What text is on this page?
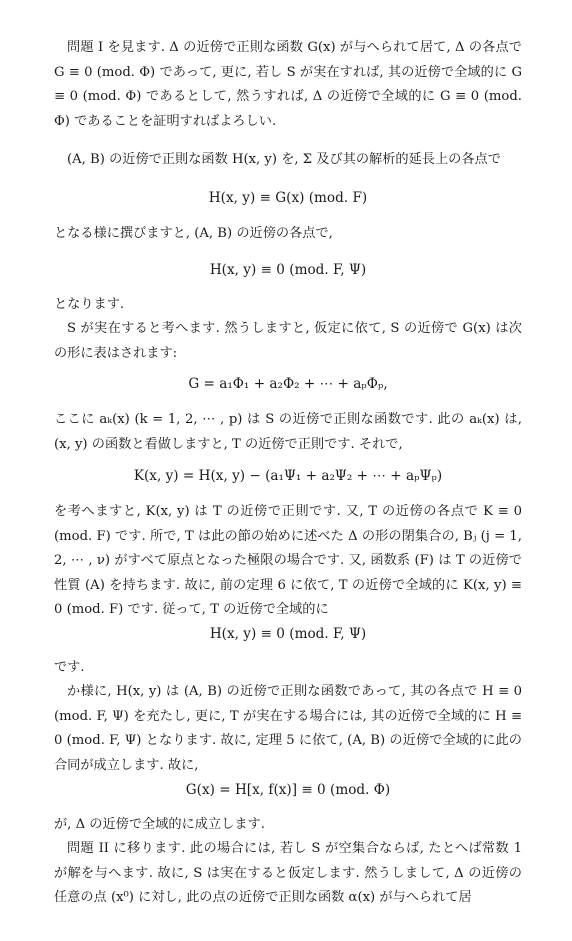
問題 I を見ます. Δ の近傍で正則な函数 G(x) が与へられて居て, Δ の各点で G ≡ 0 (mod. Φ) であって, 更に, 若し S が実在すれば, 其の近傍で全域的に G ≡ 0 (mod. Φ) であるとして, 然うすれば, Δ の近傍で全域的に G ≡ 0 (mod. Φ) であることを証明すればよろしい.
(A, B) の近傍で正則な函数 H(x, y) を, Σ 及び其の解析的延長上の各点で
H(x, y) ≡ G(x) (mod. F)
となる様に撰びますと, (A, B) の近傍の各点で,
H(x, y) ≡ 0 (mod. F, Ψ)
となります.
S が実在すると考へます. 然うしますと, 仮定に依て, S の近傍で G(x) は次の形に表はされます:
G = a₁Φ₁ + a₂Φ₂ + ⋯ + aₚΦₚ,
ここに aₖ(x) (k = 1, 2, ⋯ , p) は S の近傍で正則な函数です. 此の aₖ(x) は, (x, y) の函数と看做しますと, T の近傍で正則です. それで,
K(x, y) = H(x, y) − (a₁Ψ₁ + a₂Ψ₂ + ⋯ + aₚΨₚ)
を考へますと, K(x, y) は T の近傍で正則です. 又, T の近傍の各点で K ≡ 0 (mod. F) です. 所で, T は此の節の始めに述べた Δ の形の閉集合の, Bⱼ (j = 1, 2, ⋯ , ν) がすべて原点となった極限の場合です. 又, 函数系 (F) は T の近傍で性質 (A) を持ちます. 故に, 前の定理 6 に依て, T の近傍で全域的に K(x, y) ≡ 0 (mod. F) です. 従って, T の近傍で全域的に
H(x, y) ≡ 0 (mod. F, Ψ)
です.
か様に, H(x, y) は (A, B) の近傍で正則な函数であって, 其の各点で H ≡ 0 (mod. F, Ψ) を充たし, 更に, T が実在する場合には, 其の近傍で全域的に H ≡ 0 (mod. F, Ψ) となります. 故に, 定理 5 に依て, (A, B) の近傍で全域的に此の合同が成立します. 故に,
G(x) = H[x, f(x)] ≡ 0 (mod. Φ)
が, Δ の近傍で全域的に成立します.
問題 II に移ります. 此の場合には, 若し S が空集合ならば, たとへば常数 1 が解を与へます. 故に, S は実在すると仮定します. 然うしまして, Δ の近傍の任意の点 (x⁰) に対し, 此の点の近傍で正則な函数 α(x) が与へられて居
